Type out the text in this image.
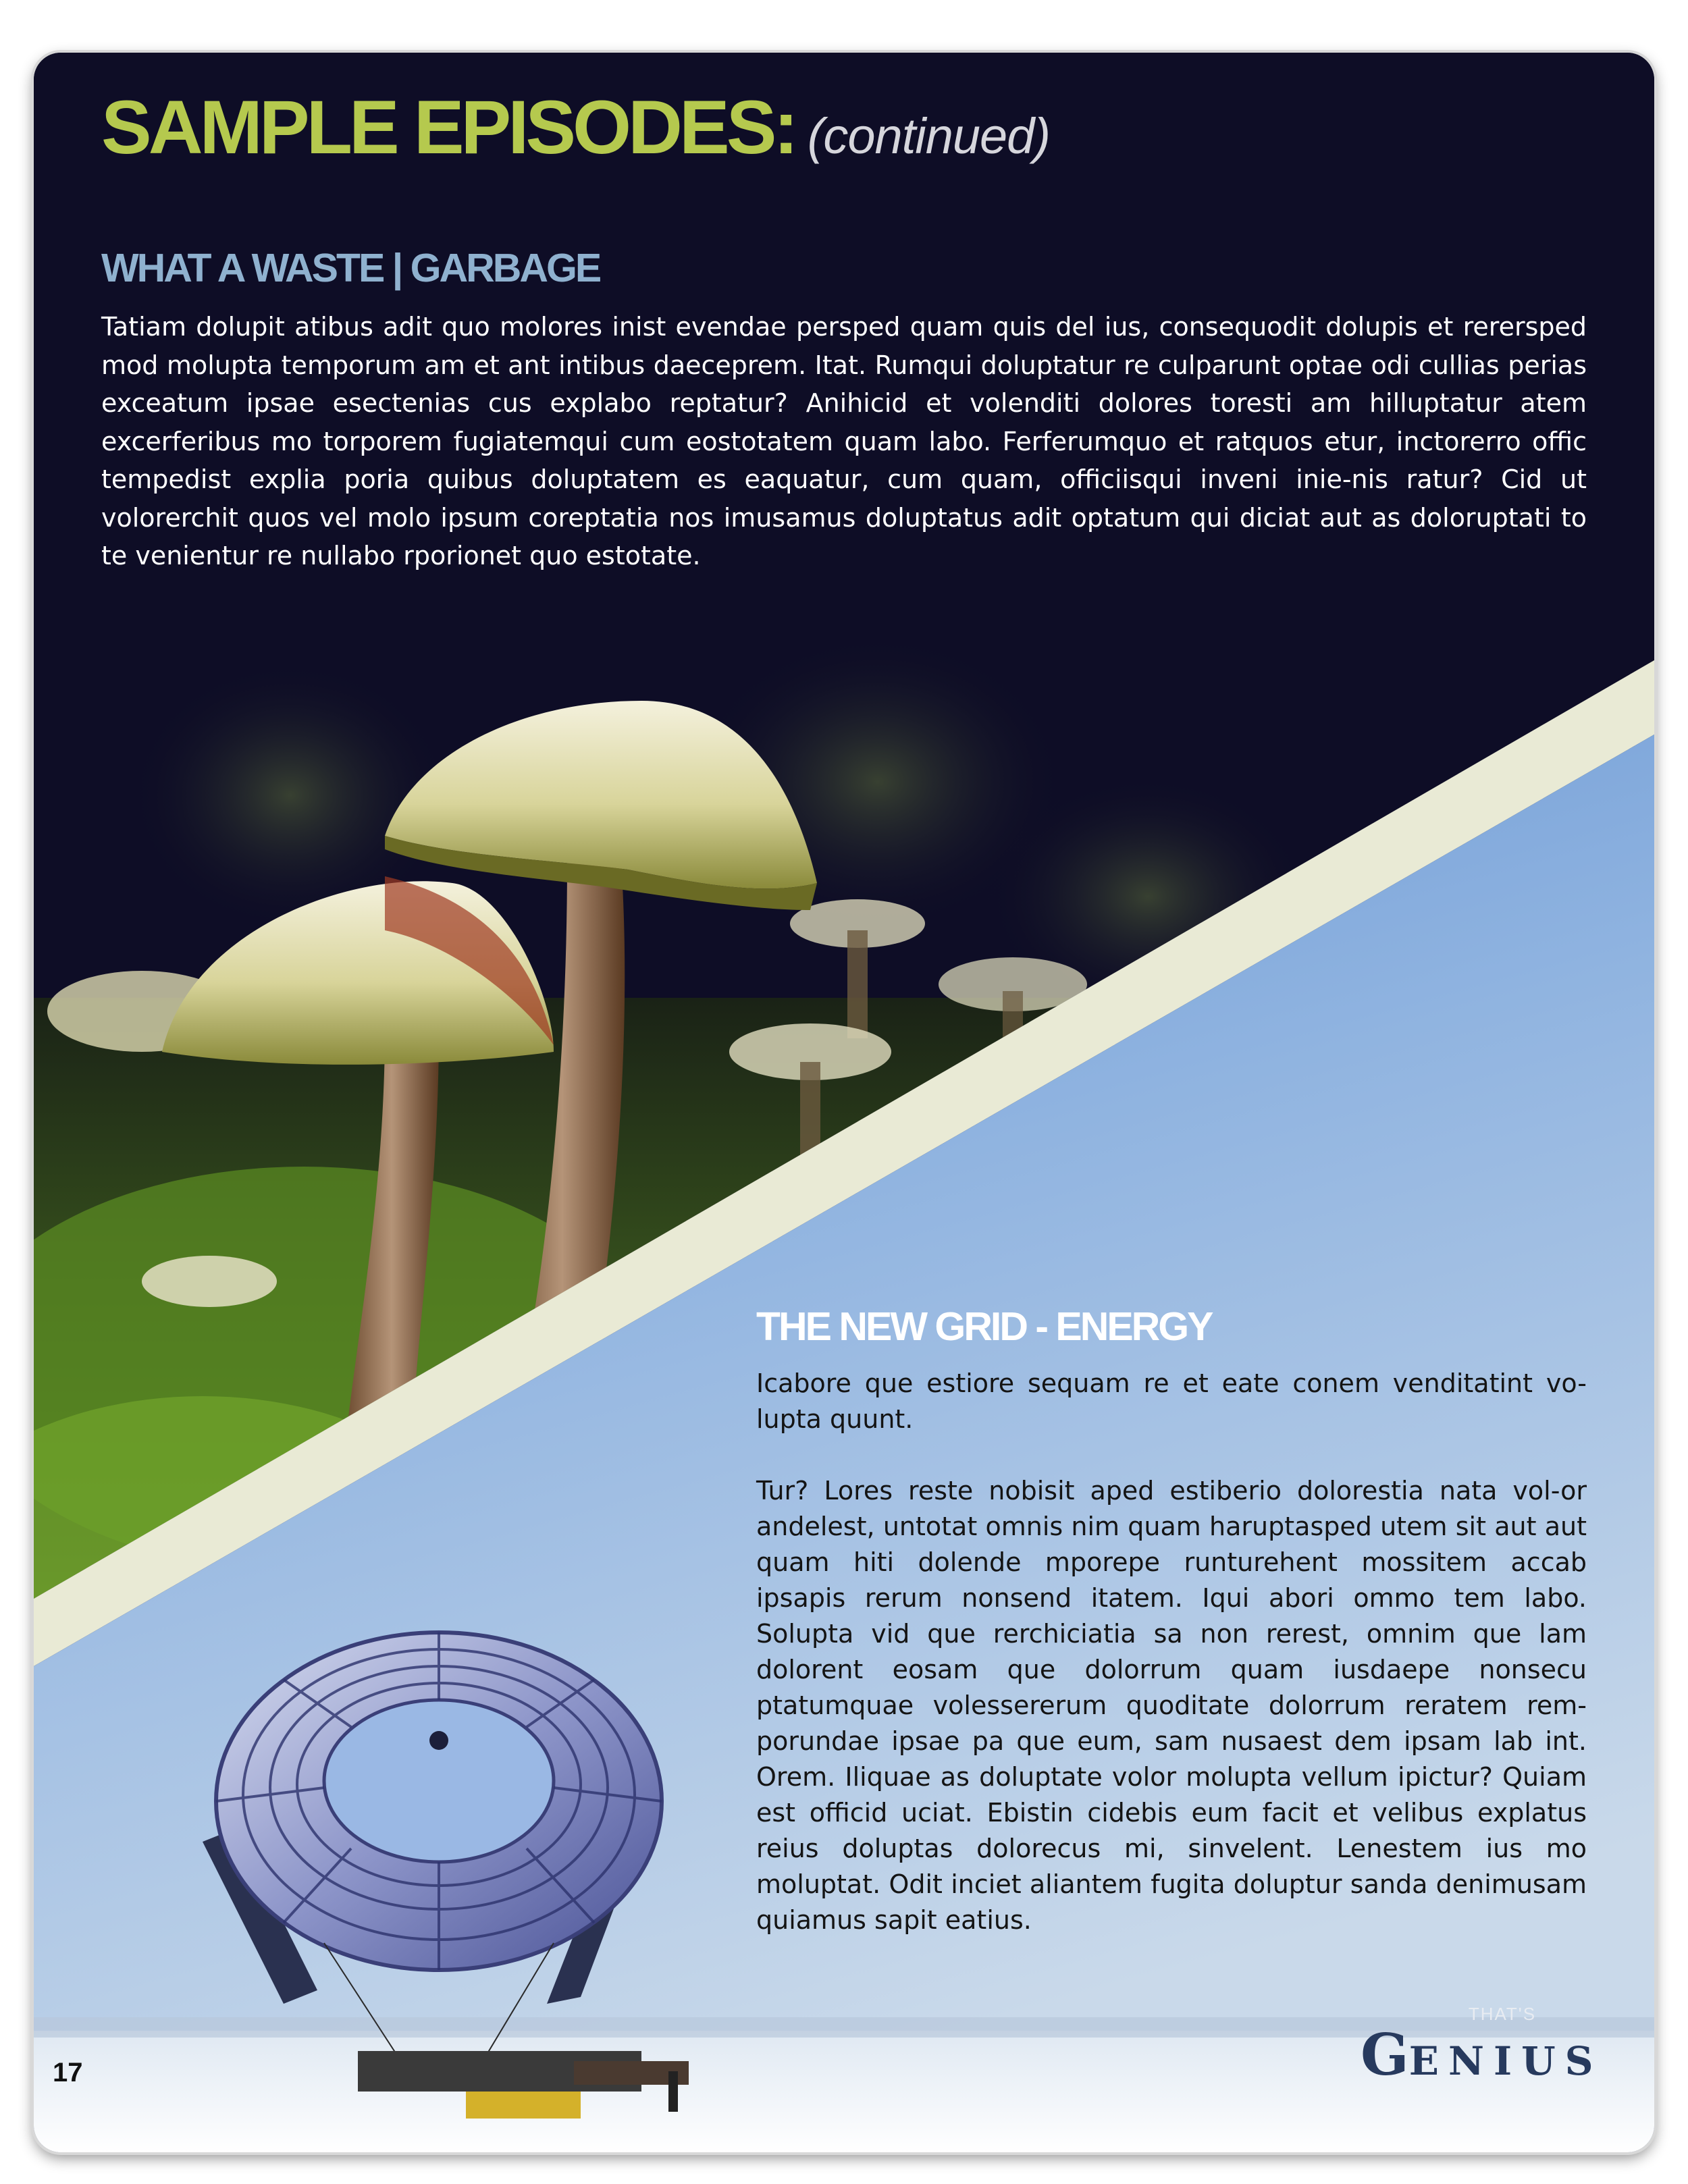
SAMPLE EPISODES: (continued)
WHAT A WASTE | GARBAGE

Tatiam dolupit atibus adit quo molores inist evendae persped quam quis del ius, consequodit dolupis et rerersped mod molupta temporum am et ant intibus daeceprem. Itat. Rumqui doluptatur re culparunt optae odi cullias perias exceatum ipsae esectenias cus explabo reptatur? Anihicid et volenditi dolores toresti am hilluptatur atem excerferibus mo torporem fugiatemqui cum eostotatem quam labo. Ferferumquo et ratquos etur, inctorerro offic tempedist explia poria quibus doluptatem es eaquatur, cum quam, officiisqui inveni inie-nis ratur? Cid ut volorerchit quos vel molo ipsum coreptatia nos imusamus doluptatus adit optatum qui diciat aut as doloruptati to te venientur re nullabo rporionet quo estotate.

THE NEW GRID - ENERGY

Icabore que estiore sequam re et eate conem venditatint vo-lupta quunt.

Tur? Lores reste nobisit aped estiberio dolorestia nata vol-or andelest, untotat omnis nim quam haruptasped utem sit aut aut quam hiti dolende mporepe runturehent mossitem accab ipsapis rerum nonsend itatem. Iqui abori ommo tem labo. Solupta vid que rerchiciatia sa non rerest, omnim que lam dolorent eosam que dolorrum quam iusdaepe nonsecu ptatumquae volessererum quoditate dolorrum reratem rem-porundae ipsae pa que eum, sam nusaest dem ipsam lab int. Orem. Iliquae as doluptate volor molupta vellum ipictur? Quiam est officid uciat. Ebistin cidebis eum facit et velibus explatus reius doluptas dolorecus mi, sinvelent. Lenestem ius mo moluptat. Odit inciet aliantem fugita doluptur sanda denimusam quiamus sapit eatius.

17
THAT'S
GENIUS
